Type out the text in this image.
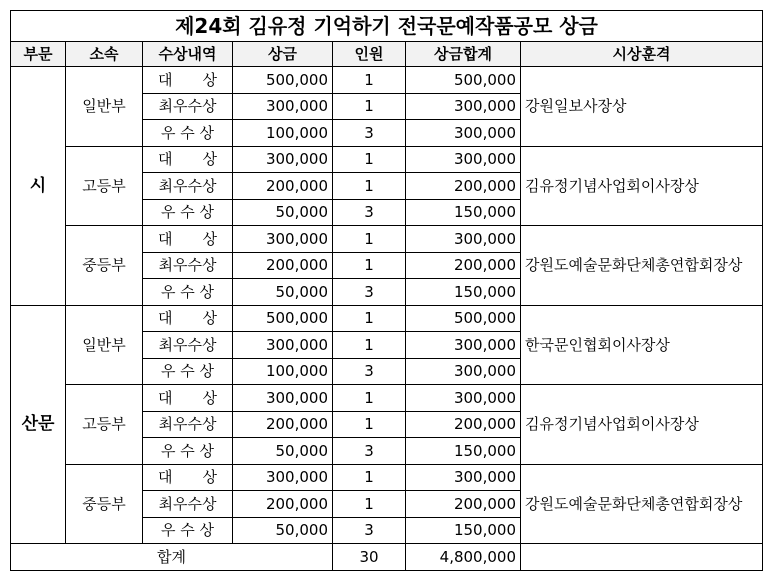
제24회 김유정 기억하기 전국문예작품공모 상금						
부문	소속	수상내역	상금	인원	상금합계	시상훈격
시	일반부	대　　상	500,000	1	500,000	강원일보사장상
		최우수상	300,000	1	300,000	
		우 수 상	100,000	3	300,000	
	고등부	대　　상	300,000	1	300,000	김유정기념사업회이사장상
		최우수상	200,000	1	200,000	
		우 수 상	50,000	3	150,000	
	중등부	대　　상	300,000	1	300,000	강원도예술문화단체총연합회장상
		최우수상	200,000	1	200,000	
		우 수 상	50,000	3	150,000	
산문	일반부	대　　상	500,000	1	500,000	한국문인협회이사장상
		최우수상	300,000	1	300,000	
		우 수 상	100,000	3	300,000	
	고등부	대　　상	300,000	1	300,000	김유정기념사업회이사장상
		최우수상	200,000	1	200,000	
		우 수 상	50,000	3	150,000	
	중등부	대　　상	300,000	1	300,000	강원도예술문화단체총연합회장상
		최우수상	200,000	1	200,000	
		우 수 상	50,000	3	150,000	
합계				30	4,800,000	
